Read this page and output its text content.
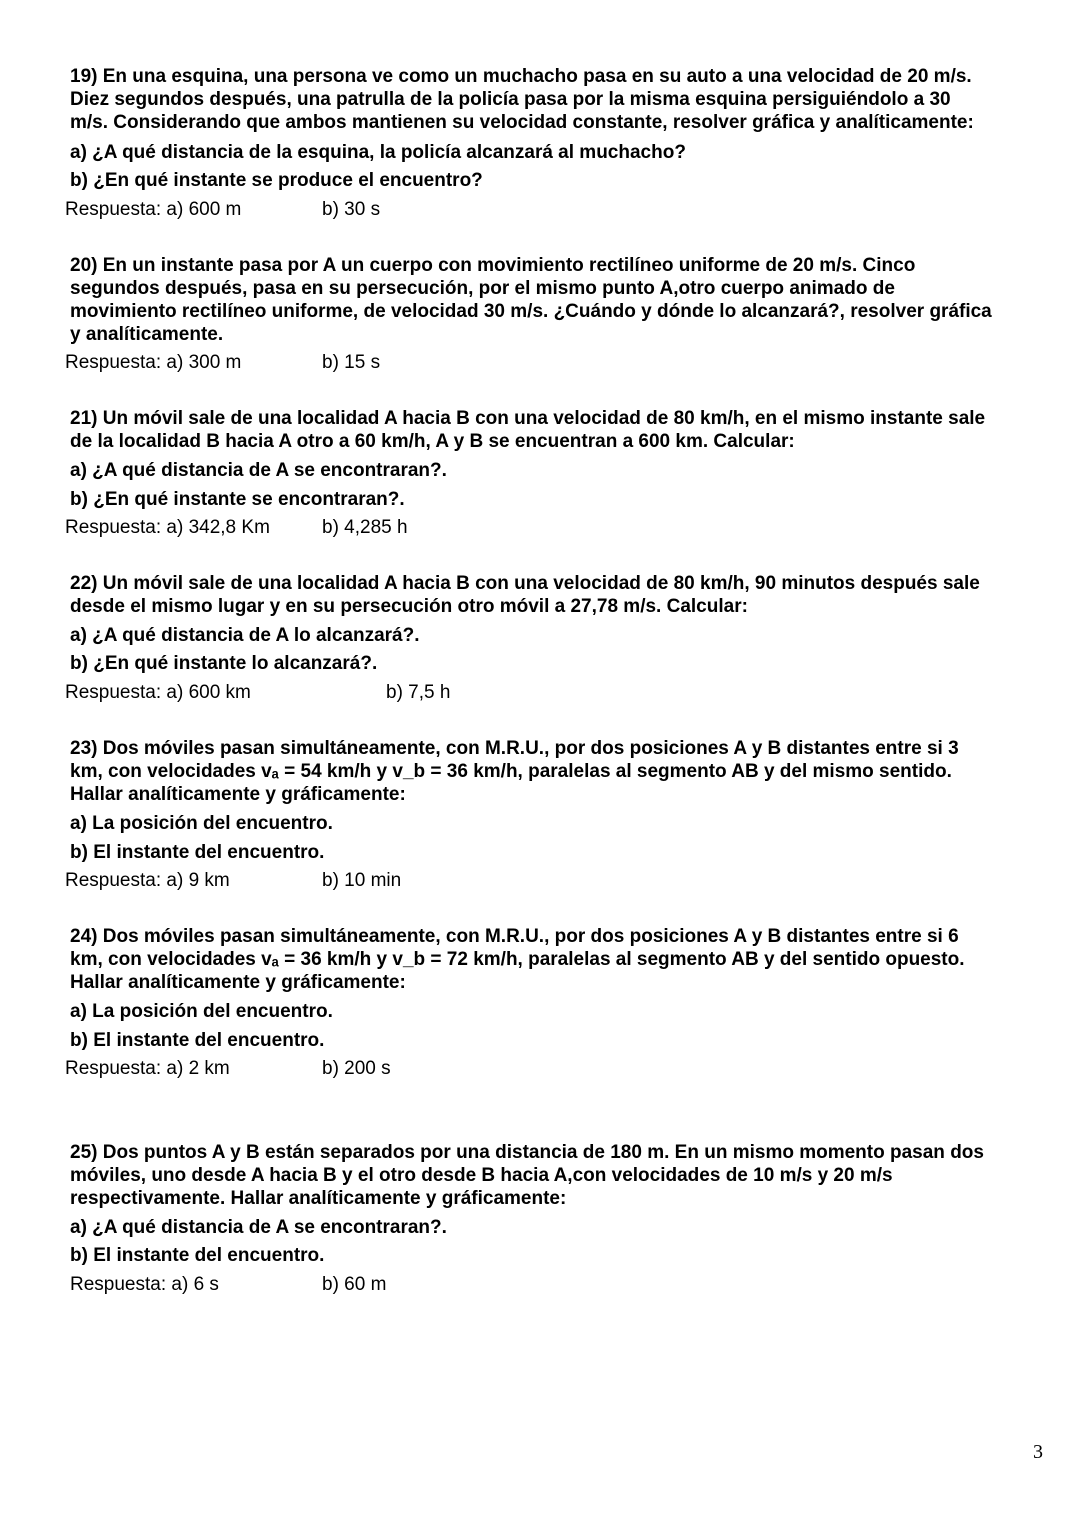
19) En una esquina, una persona ve como un muchacho pasa en su auto a una velocidad de 20 m/s.
Diez segundos después, una patrulla de la policía pasa por la misma esquina persiguiéndolo a 30
m/s. Considerando que ambos mantienen su velocidad constante, resolver gráfica y analíticamente:
a) ¿A qué distancia de la esquina, la policía alcanzará al muchacho?
b) ¿En qué instante se produce el encuentro?
Respuesta: a) 600 m	b) 30 s
20) En un instante pasa por A un cuerpo con movimiento rectilíneo uniforme de 20 m/s. Cinco
segundos después, pasa en su persecución, por el mismo punto A,otro cuerpo animado de
movimiento rectilíneo uniforme, de velocidad 30 m/s. ¿Cuándo y dónde lo alcanzará?, resolver gráfica
y analíticamente.
Respuesta: a) 300 m	b) 15 s
21) Un móvil sale de una localidad A hacia B con una velocidad de 80 km/h, en el mismo instante sale
de la localidad B hacia A otro a 60 km/h, A y B se encuentran a 600 km. Calcular:
a) ¿A qué distancia de A se encontraran?.
b) ¿En qué instante se encontraran?.
Respuesta: a) 342,8 Km	b) 4,285 h
22) Un móvil sale de una localidad A hacia B con una velocidad de 80 km/h, 90 minutos después sale
desde el mismo lugar y en su persecución otro móvil a 27,78 m/s. Calcular:
a) ¿A qué distancia de A lo alcanzará?.
b) ¿En qué instante lo alcanzará?.
Respuesta: a) 600 km	b) 7,5 h
23) Dos móviles pasan simultáneamente, con M.R.U., por dos posiciones A y B distantes entre si 3
km, con velocidades vₐ = 54 km/h y v_b = 36 km/h, paralelas al segmento AB y del mismo sentido.
Hallar analíticamente y gráficamente:
a) La posición del encuentro.
b) El instante del encuentro.
Respuesta: a) 9 km	b) 10 min
24) Dos móviles pasan simultáneamente, con M.R.U., por dos posiciones A y B distantes entre si 6
km, con velocidades vₐ = 36 km/h y v_b = 72 km/h, paralelas al segmento AB y del sentido opuesto.
Hallar analíticamente y gráficamente:
a) La posición del encuentro.
b) El instante del encuentro.
Respuesta: a) 2 km	b) 200 s
25) Dos puntos A y B están separados por una distancia de 180 m. En un mismo momento pasan dos
móviles, uno desde A hacia B y el otro desde B hacia A,con velocidades de 10 m/s y 20 m/s
respectivamente. Hallar analíticamente y gráficamente:
a) ¿A qué distancia de A se encontraran?.
b) El instante del encuentro.
Respuesta: a) 6 s	b) 60 m
3
